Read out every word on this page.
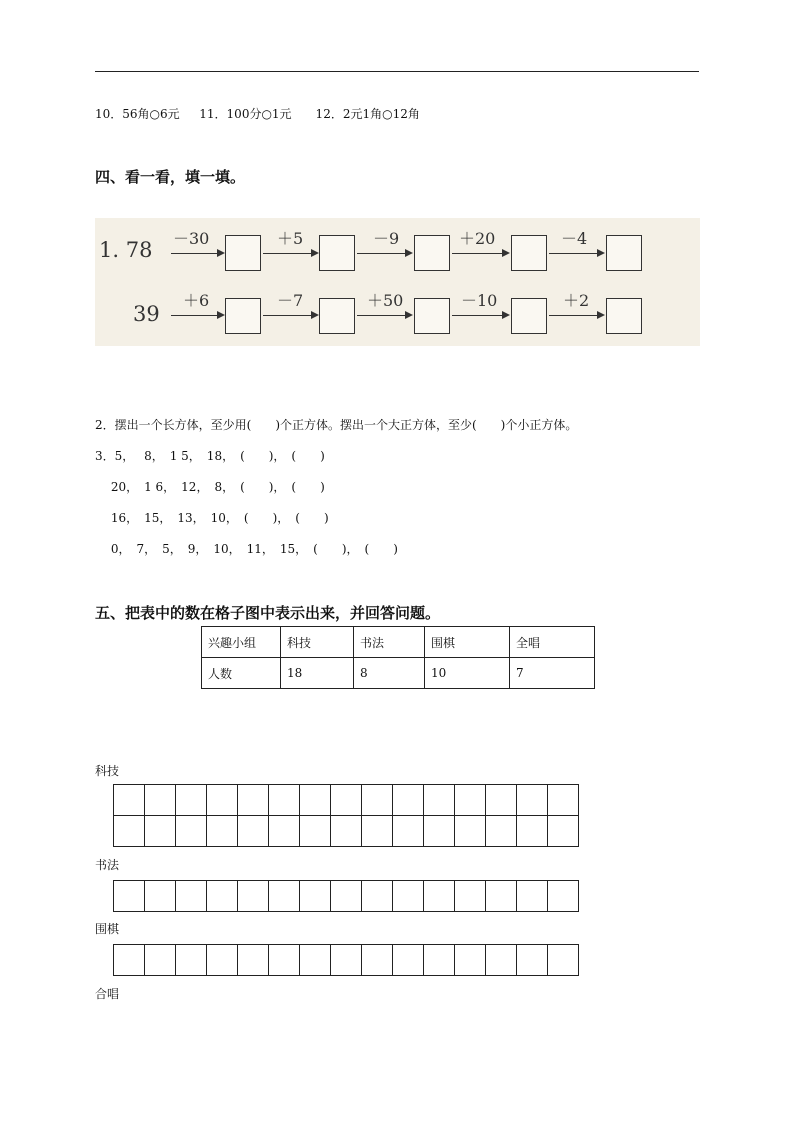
10．56角○6元　  11．100分○1元　　12．2元1角○12角
四、看一看，填一填。
1. 78 －30	＋5	－9	＋20	－4
39
＋6	－7	＋50	－10	＋2
2．摆出一个长方体，至少用(　　)个正方体。摆出一个大正方体，至少(　　)个小正方体。
3．5，　 8，　1 5，　18，　(　　)，　(　　)
　 20，　1 6，　12，　8，　(　　)，　(　　)
　 16，　15，　13，　10，　(　　)，　(　　)
　 0，　7，　5，　9，　10，　11，　15，　(　　)，　(　　)
五、把表中的数在格子图中表示出来，并回答问题。
兴趣小组	科技	书法	围棋	全唱
人数	18	8	10	7
科技

书法

围棋

合唱
